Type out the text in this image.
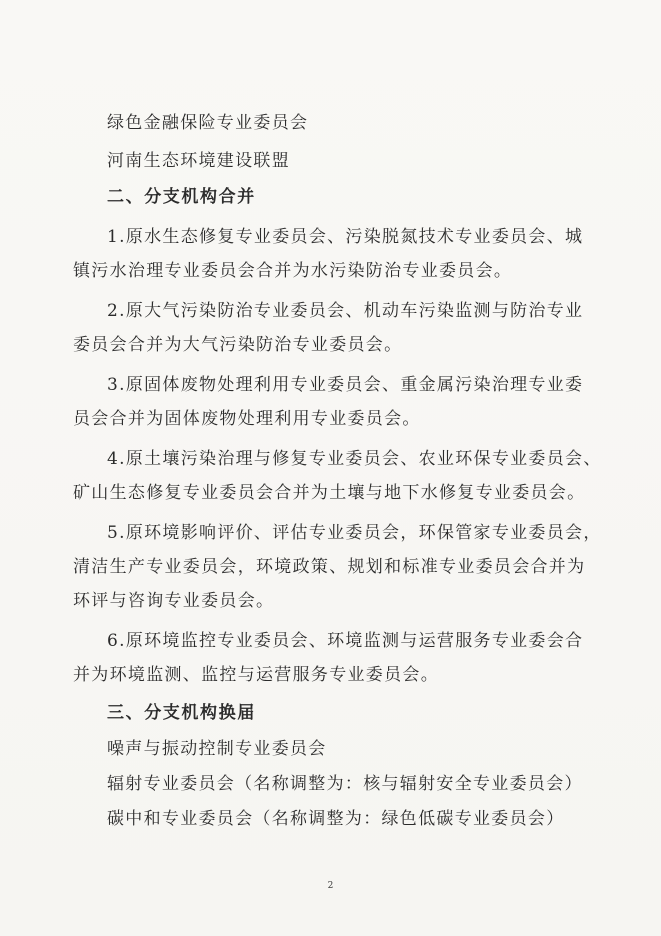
绿色金融保险专业委员会

河南生态环境建设联盟

二、分支机构合并

1.原水生态修复专业委员会、污染脱氮技术专业委员会、城

镇污水治理专业委员会合并为水污染防治专业委员会。

2.原大气污染防治专业委员会、机动车污染监测与防治专业

委员会合并为大气污染防治专业委员会。

3.原固体废物处理利用专业委员会、重金属污染治理专业委

员会合并为固体废物处理利用专业委员会。

4.原土壤污染治理与修复专业委员会、农业环保专业委员会、

矿山生态修复专业委员会合并为土壤与地下水修复专业委员会。

5.原环境影响评价、评估专业委员会，环保管家专业委员会，

清洁生产专业委员会，环境政策、规划和标准专业委员会合并为

环评与咨询专业委员会。

6.原环境监控专业委员会、环境监测与运营服务专业委会合

并为环境监测、监控与运营服务专业委员会。

三、分支机构换届

噪声与振动控制专业委员会

辐射专业委员会（名称调整为：核与辐射安全专业委员会）

碳中和专业委员会（名称调整为：绿色低碳专业委员会）

2
